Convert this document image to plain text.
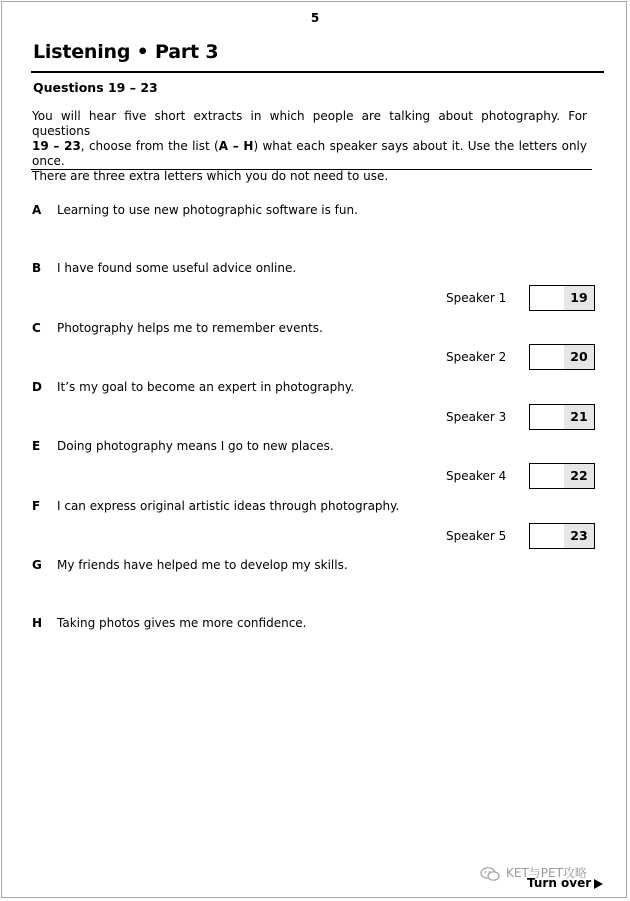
5
Listening • Part 3
Questions 19 – 23
You will hear five short extracts in which people are talking about photography. For questions
19 – 23, choose from the list (A – H) what each speaker says about it. Use the letters only once.
There are three extra letters which you do not need to use.
A Learning to use new photographic software is fun.
B I have found some useful advice online.
C Photography helps me to remember events.
D It’s my goal to become an expert in photography.
E Doing photography means I go to new places.
F I can express original artistic ideas through photography.
G My friends have helped me to develop my skills.
H Taking photos gives me more confidence.
Speaker 1	19
Speaker 2	20
Speaker 3	21
Speaker 4	22
Speaker 5	23
KET与PET攻略
Turn over
